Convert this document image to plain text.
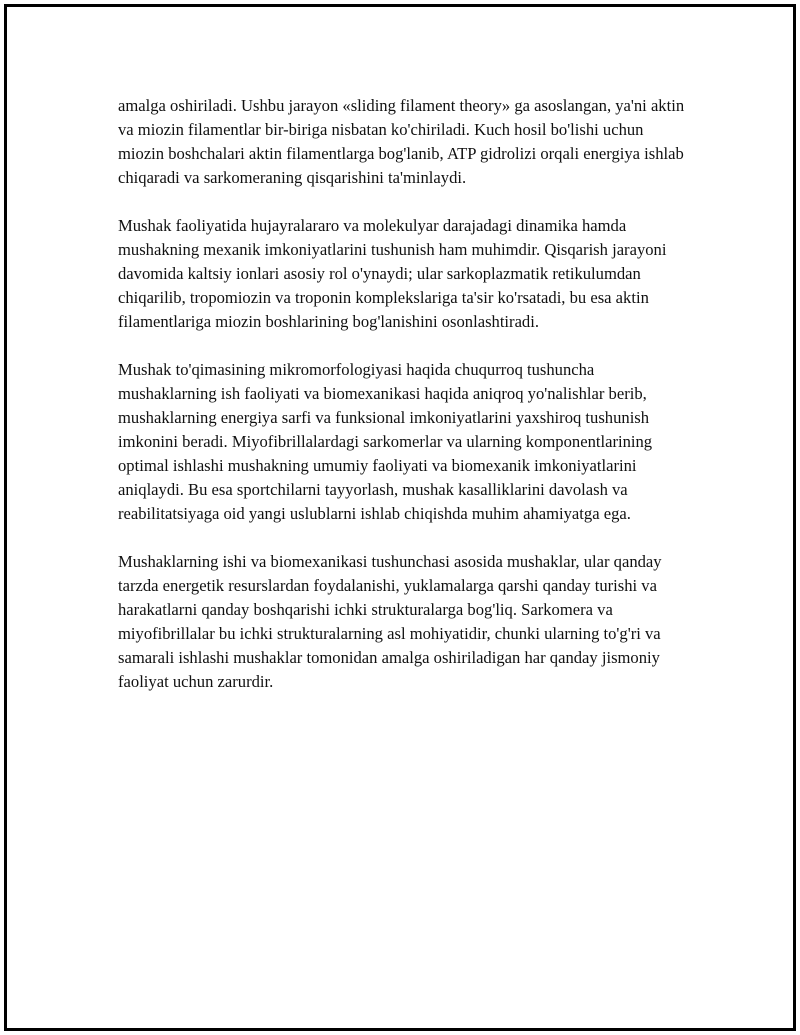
amalga oshiriladi. Ushbu jarayon «sliding filament theory» ga asoslangan, ya'ni aktin va miozin filamentlar bir-biriga nisbatan ko'chiriladi. Kuch hosil bo'lishi uchun miozin boshchalari aktin filamentlarga bog'lanib, ATP gidrolizi orqali energiya ishlab chiqaradi va sarkomeraning qisqarishini ta'minlaydi.

Mushak faoliyatida hujayralararo va molekulyar darajadagi dinamika hamda mushakning mexanik imkoniyatlarini tushunish ham muhimdir. Qisqarish jarayoni davomida kaltsiy ionlari asosiy rol o'ynaydi; ular sarkoplazmatik retikulumdan chiqarilib, tropomiozin va troponin komplekslariga ta'sir ko'rsatadi, bu esa aktin filamentlariga miozin boshlarining bog'lanishini osonlashtiradi.

Mushak to'qimasining mikromorfologiyasi haqida chuqurroq tushuncha mushaklarning ish faoliyati va biomexanikasi haqida aniqroq yo'nalishlar berib, mushaklarning energiya sarfi va funksional imkoniyatlarini yaxshiroq tushunish imkonini beradi. Miyofibrillalardagi sarkomerlar va ularning komponentlarining optimal ishlashi mushakning umumiy faoliyati va biomexanik imkoniyatlarini aniqlaydi. Bu esa sportchilarni tayyorlash, mushak kasalliklarini davolash va reabilitatsiyaga oid yangi uslublarni ishlab chiqishda muhim ahamiyatga ega.

Mushaklarning ishi va biomexanikasi tushunchasi asosida mushaklar, ular qanday tarzda energetik resurslardan foydalanishi, yuklamalarga qarshi qanday turishi va harakatlarni qanday boshqarishi ichki strukturalarga bog'liq. Sarkomera va miyofibrillalar bu ichki strukturalarning asl mohiyatidir, chunki ularning to'g'ri va samarali ishlashi mushaklar tomonidan amalga oshiriladigan har qanday jismoniy faoliyat uchun zarurdir.
